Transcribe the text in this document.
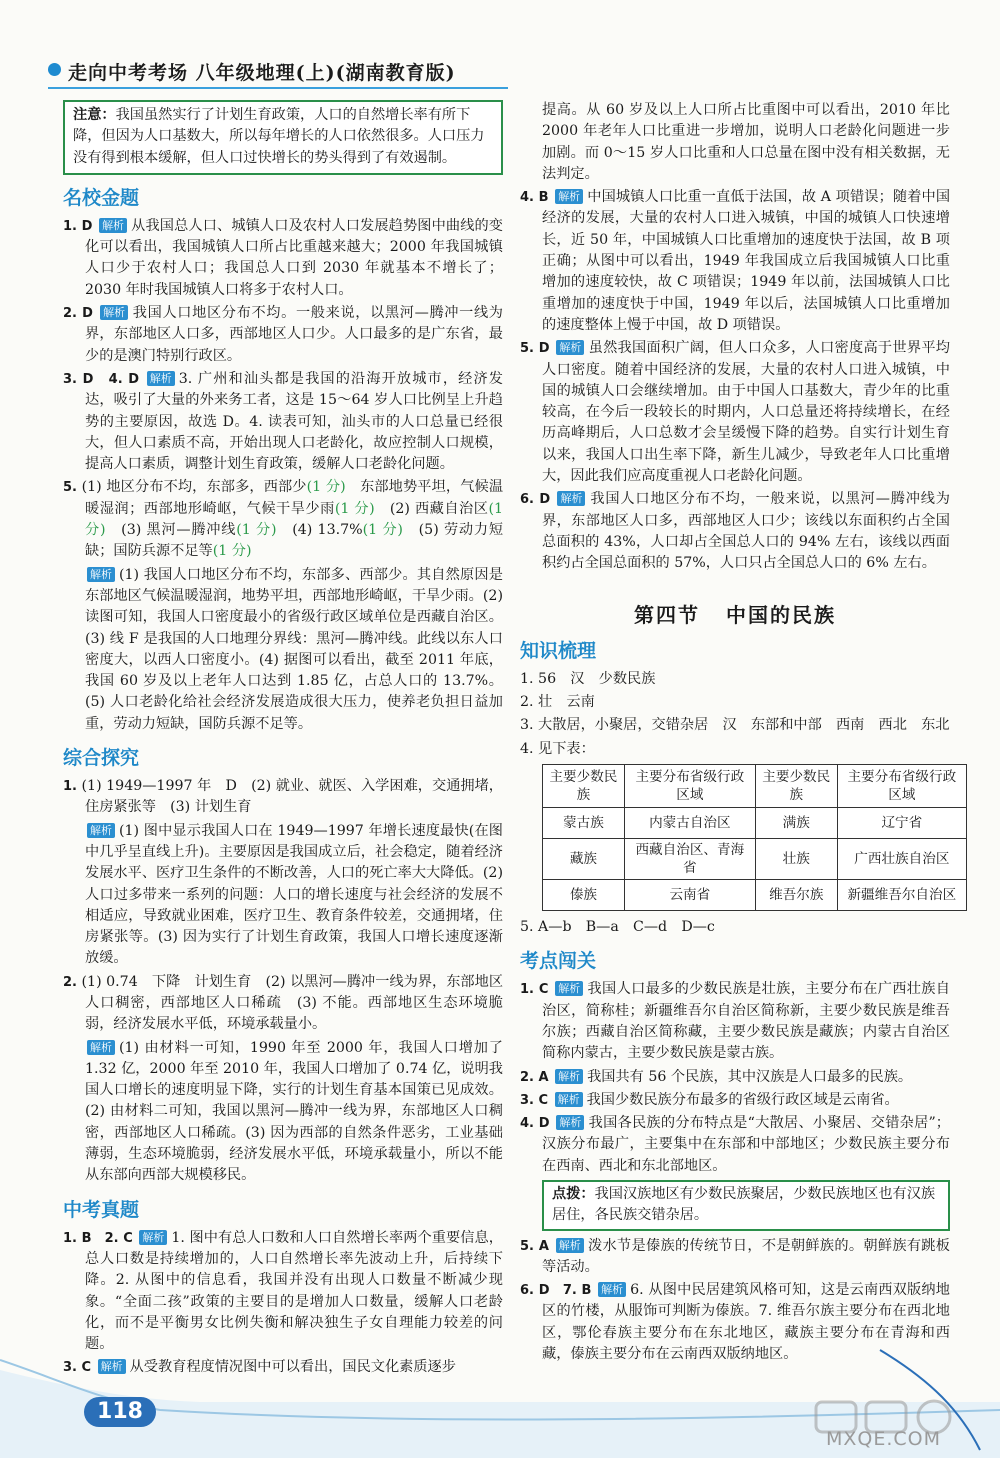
走向中考考场 八年级地理(上)(湖南教育版)
注意：我国虽然实行了计划生育政策，人口的自然增长率有所下降，但因为人口基数大，所以每年增长的人口依然很多。人口压力没有得到根本缓解，但人口过快增长的势头得到了有效遏制。
名校金题
1. D 解析 从我国总人口、城镇人口及农村人口发展趋势图中曲线的变化可以看出，我国城镇人口所占比重越来越大；2000 年我国城镇人口少于农村人口；我国总人口到 2030 年就基本不增长了；2030 年时我国城镇人口将多于农村人口。
2. D 解析 我国人口地区分布不均。一般来说，以黑河—腾冲一线为界，东部地区人口多，西部地区人口少。人口最多的是广东省，最少的是澳门特别行政区。
3. D　4. D 解析 3. 广州和汕头都是我国的沿海开放城市，经济发达，吸引了大量的外来务工者，这是 15～64 岁人口比例呈上升趋势的主要原因，故选 D。4. 读表可知，汕头市的人口总量已经很大，但人口素质不高，开始出现人口老龄化，故应控制人口规模，提高人口素质，调整计划生育政策，缓解人口老龄化问题。
5. (1) 地区分布不均，东部多，西部少(1 分)　东部地势平坦，气候温暖湿润；西部地形崎岖，气候干旱少雨(1 分)　(2) 西藏自治区(1 分)　(3) 黑河—腾冲线(1 分)　(4) 13.7%(1 分)　(5) 劳动力短缺；国防兵源不足等(1 分)
解析 (1) 我国人口地区分布不均，东部多、西部少。其自然原因是东部地区气候温暖湿润，地势平坦，西部地形崎岖，干旱少雨。(2) 读图可知，我国人口密度最小的省级行政区域单位是西藏自治区。(3) 线 F 是我国的人口地理分界线：黑河—腾冲线。此线以东人口密度大，以西人口密度小。(4) 据图可以看出，截至 2011 年底，我国 60 岁及以上老年人口达到 1.85 亿，占总人口的 13.7%。(5) 人口老龄化给社会经济发展造成很大压力，使养老负担日益加重，劳动力短缺，国防兵源不足等。
综合探究
1. (1) 1949—1997 年　D　(2) 就业、就医、入学困难，交通拥堵，住房紧张等　(3) 计划生育
解析 (1) 图中显示我国人口在 1949—1997 年增长速度最快(在图中几乎呈直线上升)。主要原因是我国成立后，社会稳定，随着经济发展水平、医疗卫生条件的不断改善，人口的死亡率大大降低。(2) 人口过多带来一系列的问题：人口的增长速度与社会经济的发展不相适应，导致就业困难，医疗卫生、教育条件较差，交通拥堵，住房紧张等。(3) 因为实行了计划生育政策，我国人口增长速度逐渐放缓。
2. (1) 0.74　下降　计划生育　(2) 以黑河—腾冲一线为界，东部地区人口稠密，西部地区人口稀疏　(3) 不能。西部地区生态环境脆弱，经济发展水平低，环境承载量小。
解析 (1) 由材料一可知，1990 年至 2000 年，我国人口增加了 1.32 亿，2000 年至 2010 年，我国人口增加了 0.74 亿，说明我国人口增长的速度明显下降，实行的计划生育基本国策已见成效。(2) 由材料二可知，我国以黑河—腾冲一线为界，东部地区人口稠密，西部地区人口稀疏。(3) 因为西部的自然条件恶劣，工业基础薄弱，生态环境脆弱，经济发展水平低，环境承载量小，所以不能从东部向西部大规模移民。
中考真题
1. B　2. C 解析 1. 图中有总人口数和人口自然增长率两个重要信息，总人口数是持续增加的，人口自然增长率先波动上升，后持续下降。2. 从图中的信息看，我国并没有出现人口数量不断减少现象。“全面二孩”政策的主要目的是增加人口数量，缓解人口老龄化，而不是平衡男女比例失衡和解决独生子女自理能力较差的问题。
3. C 解析 从受教育程度情况图中可以看出，国民文化素质逐步
提高。从 60 岁及以上人口所占比重图中可以看出，2010 年比 2000 年老年人口比重进一步增加，说明人口老龄化问题进一步加剧。而 0～15 岁人口比重和人口总量在图中没有相关数据，无法判定。
4. B 解析 中国城镇人口比重一直低于法国，故 A 项错误；随着中国经济的发展，大量的农村人口进入城镇，中国的城镇人口快速增长，近 50 年，中国城镇人口比重增加的速度快于法国，故 B 项正确；从图中可以看出，1949 年我国成立后我国城镇人口比重增加的速度较快，故 C 项错误；1949 年以前，法国城镇人口比重增加的速度快于中国，1949 年以后，法国城镇人口比重增加的速度整体上慢于中国，故 D 项错误。
5. D 解析 虽然我国面积广阔，但人口众多，人口密度高于世界平均人口密度。随着中国经济的发展，大量的农村人口进入城镇，中国的城镇人口会继续增加。由于中国人口基数大，青少年的比重较高，在今后一段较长的时期内，人口总量还将持续增长，在经历高峰期后，人口总数才会呈缓慢下降的趋势。自实行计划生育以来，我国人口出生率下降，新生儿减少，导致老年人口比重增大，因此我们应高度重视人口老龄化问题。
6. D 解析 我国人口地区分布不均，一般来说，以黑河—腾冲线为界，东部地区人口多，西部地区人口少；该线以东面积约占全国总面积的 43%，人口却占全国总人口的 94% 左右，该线以西面积约占全国总面积的 57%，人口只占全国总人口的 6% 左右。
第四节 中国的民族
知识梳理
1. 56　汉　少数民族
2. 壮　云南
3. 大散居，小聚居，交错杂居　汉　东部和中部　西南　西北　东北
4. 见下表：
主要少数民族	主要分布省级行政区域	主要少数民族	主要分布省级行政区域
蒙古族	内蒙古自治区	满族	辽宁省
藏族	西藏自治区、青海省	壮族	广西壮族自治区
傣族	云南省	维吾尔族	新疆维吾尔自治区
5. A—b　B—a　C—d　D—c
考点闯关
1. C 解析 我国人口最多的少数民族是壮族，主要分布在广西壮族自治区，简称桂；新疆维吾尔自治区简称新，主要少数民族是维吾尔族；西藏自治区简称藏，主要少数民族是藏族；内蒙古自治区简称内蒙古，主要少数民族是蒙古族。
2. A 解析 我国共有 56 个民族，其中汉族是人口最多的民族。
3. C 解析 我国少数民族分布最多的省级行政区域是云南省。
4. D 解析 我国各民族的分布特点是“大散居、小聚居、交错杂居”；汉族分布最广，主要集中在东部和中部地区；少数民族主要分布在西南、西北和东北部地区。
点拨：我国汉族地区有少数民族聚居，少数民族地区也有汉族居住，各民族交错杂居。
5. A 解析 泼水节是傣族的传统节日，不是朝鲜族的。朝鲜族有跳板等活动。
6. D　7. B 解析 6. 从图中民居建筑风格可知，这是云南西双版纳地区的竹楼，从服饰可判断为傣族。7. 维吾尔族主要分布在西北地区，鄂伦春族主要分布在东北地区，藏族主要分布在青海和西藏，傣族主要分布在云南西双版纳地区。
118
MXQE.COM
